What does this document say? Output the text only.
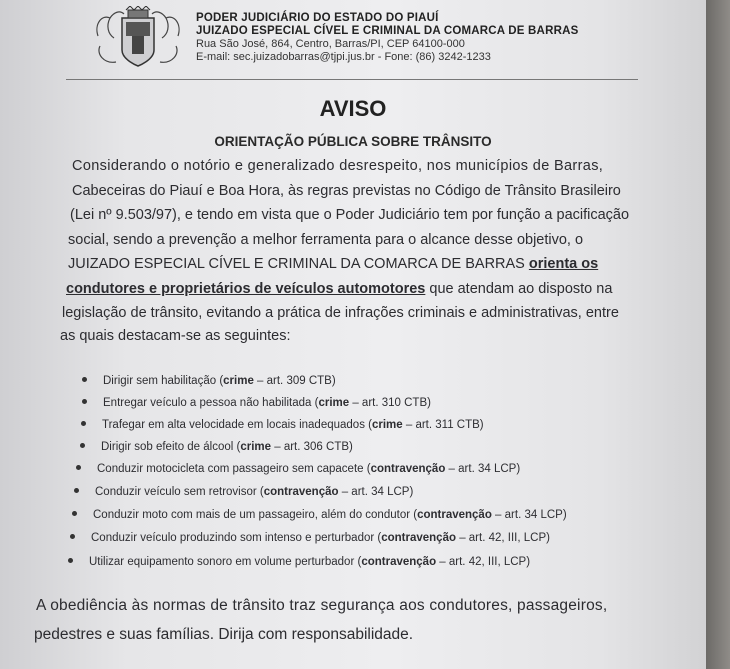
PODER JUDICIÁRIO DO ESTADO DO PIAUÍ
JUIZADO ESPECIAL CÍVEL E CRIMINAL DA COMARCA DE BARRAS
Rua São José, 864, Centro, Barras/PI, CEP 64100-000
E-mail: sec.juizadobarras@tjpi.jus.br - Fone: (86) 3242-1233
AVISO
ORIENTAÇÃO PÚBLICA SOBRE TRÂNSITO
Considerando o notório e generalizado desrespeito, nos municípios de Barras,
Cabeceiras do Piauí e Boa Hora, às regras previstas no Código de Trânsito Brasileiro
(Lei nº 9.503/97), e tendo em vista que o Poder Judiciário tem por função a pacificação
social, sendo a prevenção a melhor ferramenta para o alcance desse objetivo, o
JUIZADO ESPECIAL CÍVEL E CRIMINAL DA COMARCA DE BARRAS orienta os
condutores e proprietários de veículos automotores que atendam ao disposto na
legislação de trânsito, evitando a prática de infrações criminais e administrativas, entre
as quais destacam-se as seguintes:
Dirigir sem habilitação (crime – art. 309 CTB)
Entregar veículo a pessoa não habilitada (crime – art. 310 CTB)
Trafegar em alta velocidade em locais inadequados (crime – art. 311 CTB)
Dirigir sob efeito de álcool (crime – art. 306 CTB)
Conduzir motocicleta com passageiro sem capacete (contravenção – art. 34 LCP)
Conduzir veículo sem retrovisor (contravenção – art. 34 LCP)
Conduzir moto com mais de um passageiro, além do condutor (contravenção – art. 34 LCP)
Conduzir veículo produzindo som intenso e perturbador (contravenção – art. 42, III, LCP)
Utilizar equipamento sonoro em volume perturbador (contravenção – art. 42, III, LCP)
A obediência às normas de trânsito traz segurança aos condutores, passageiros,
pedestres e suas famílias. Dirija com responsabilidade.
